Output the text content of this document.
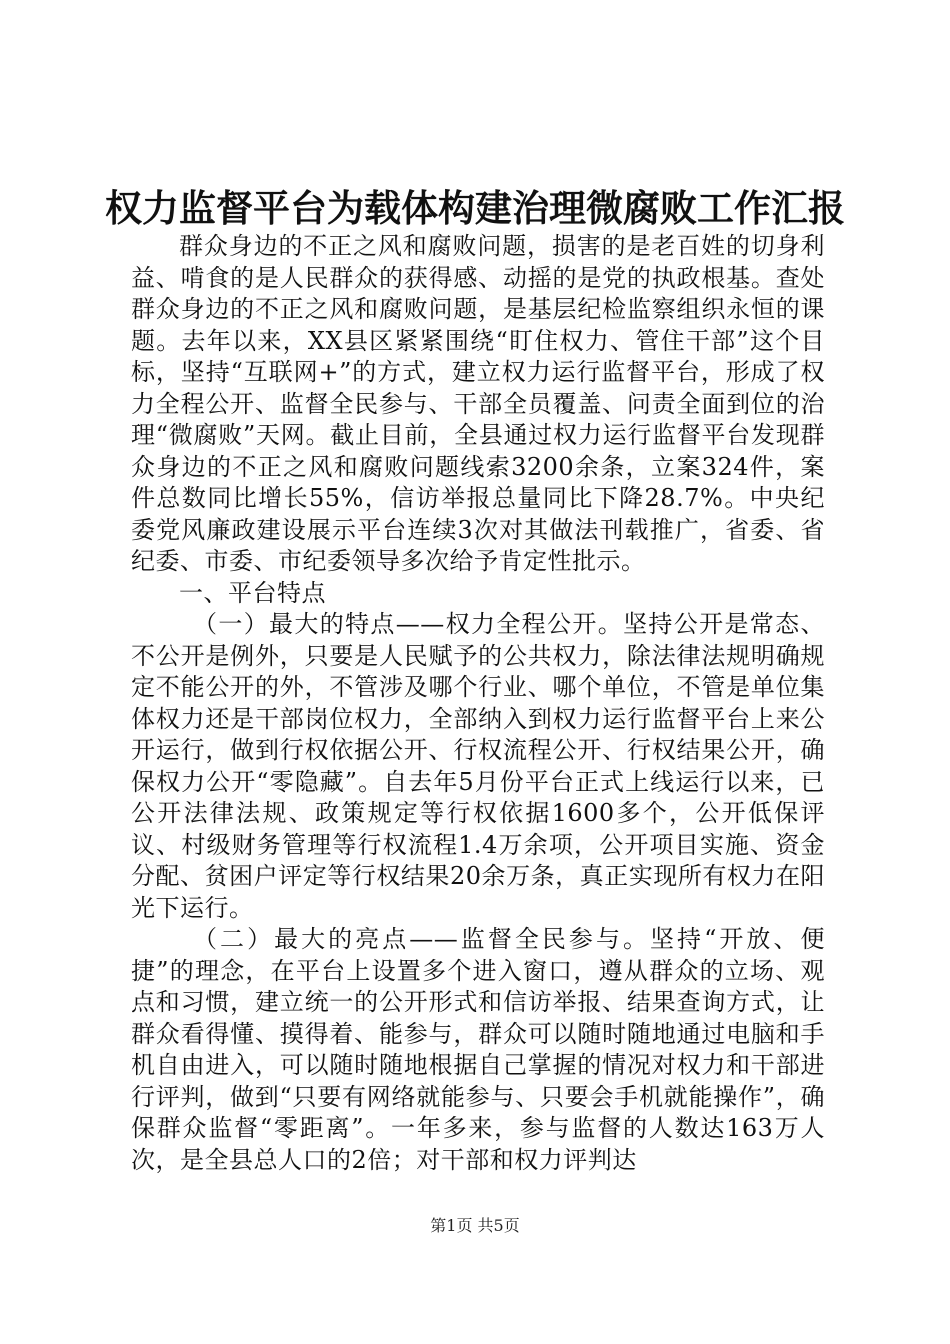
权力监督平台为载体构建治理微腐败工作汇报

群众身边的不正之风和腐败问题，损害的是老百姓的切身利益、啃食的是人民群众的获得感、动摇的是党的执政根基。查处群众身边的不正之风和腐败问题，是基层纪检监察组织永恒的课题。去年以来，XX县区紧紧围绕“盯住权力、管住干部”这个目标，坚持“互联网+”的方式，建立权力运行监督平台，形成了权力全程公开、监督全民参与、干部全员覆盖、问责全面到位的治理“微腐败”天网。截止目前，全县通过权力运行监督平台发现群众身边的不正之风和腐败问题线索3200余条，立案324件，案件总数同比增长55%，信访举报总量同比下降28.7%。中央纪委党风廉政建设展示平台连续3次对其做法刊载推广，省委、省纪委、市委、市纪委领导多次给予肯定性批示。

一、平台特点

（一）最大的特点——权力全程公开。坚持公开是常态、不公开是例外，只要是人民赋予的公共权力，除法律法规明确规定不能公开的外，不管涉及哪个行业、哪个单位，不管是单位集体权力还是干部岗位权力，全部纳入到权力运行监督平台上来公开运行，做到行权依据公开、行权流程公开、行权结果公开，确保权力公开“零隐藏”。自去年5月份平台正式上线运行以来，已公开法律法规、政策规定等行权依据1600多个，公开低保评议、村级财务管理等行权流程1.4万余项，公开项目实施、资金分配、贫困户评定等行权结果20余万条，真正实现所有权力在阳光下运行。

（二）最大的亮点——监督全民参与。坚持“开放、便捷”的理念，在平台上设置多个进入窗口，遵从群众的立场、观点和习惯，建立统一的公开形式和信访举报、结果查询方式，让群众看得懂、摸得着、能参与，群众可以随时随地通过电脑和手机自由进入，可以随时随地根据自己掌握的情况对权力和干部进行评判，做到“只要有网络就能参与、只要会手机就能操作”，确保群众监督“零距离”。一年多来，参与监督的人数达163万人次，是全县总人口的2倍；对干部和权力评判达

第1页 共5页
